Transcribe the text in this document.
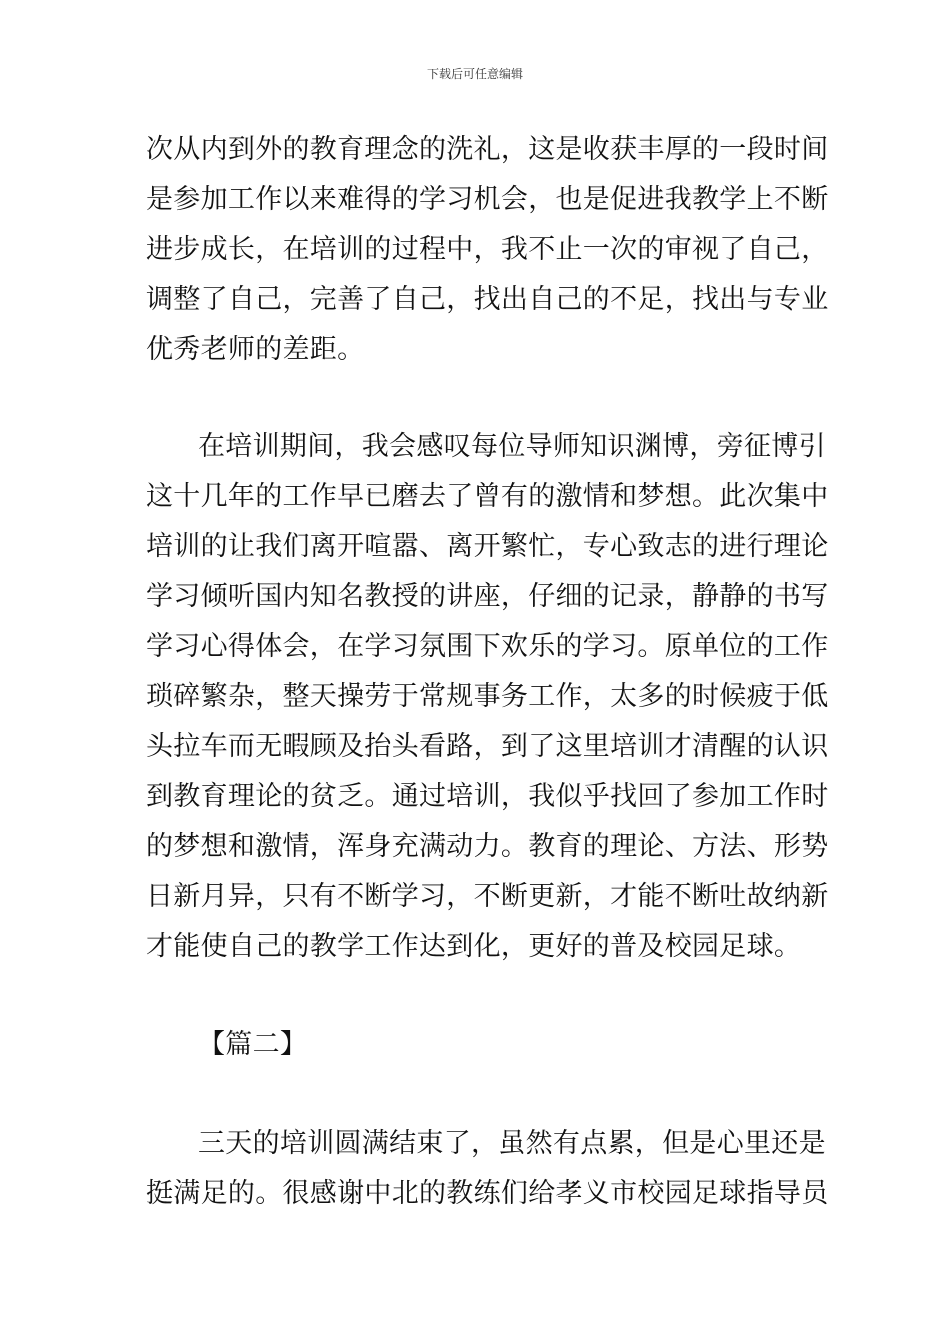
下载后可任意编辑
次从内到外的教育理念的洗礼，这是收获丰厚的一段时间
是参加工作以来难得的学习机会，也是促进我教学上不断
进步成长，在培训的过程中，我不止一次的审视了自己，
调整了自己，完善了自己，找出自己的不足，找出与专业
优秀老师的差距。
在培训期间，我会感叹每位导师知识渊博，旁征博引
这十几年的工作早已磨去了曾有的激情和梦想。此次集中
培训的让我们离开喧嚣、离开繁忙，专心致志的进行理论
学习倾听国内知名教授的讲座，仔细的记录，静静的书写
学习心得体会，在学习氛围下欢乐的学习。原单位的工作
琐碎繁杂，整天操劳于常规事务工作，太多的时候疲于低
头拉车而无暇顾及抬头看路，到了这里培训才清醒的认识
到教育理论的贫乏。通过培训，我似乎找回了参加工作时
的梦想和激情，浑身充满动力。教育的理论、方法、形势
日新月异，只有不断学习，不断更新，才能不断吐故纳新
才能使自己的教学工作达到化，更好的普及校园足球。
【篇二】
三天的培训圆满结束了，虽然有点累，但是心里还是
挺满足的。很感谢中北的教练们给孝义市校园足球指导员
